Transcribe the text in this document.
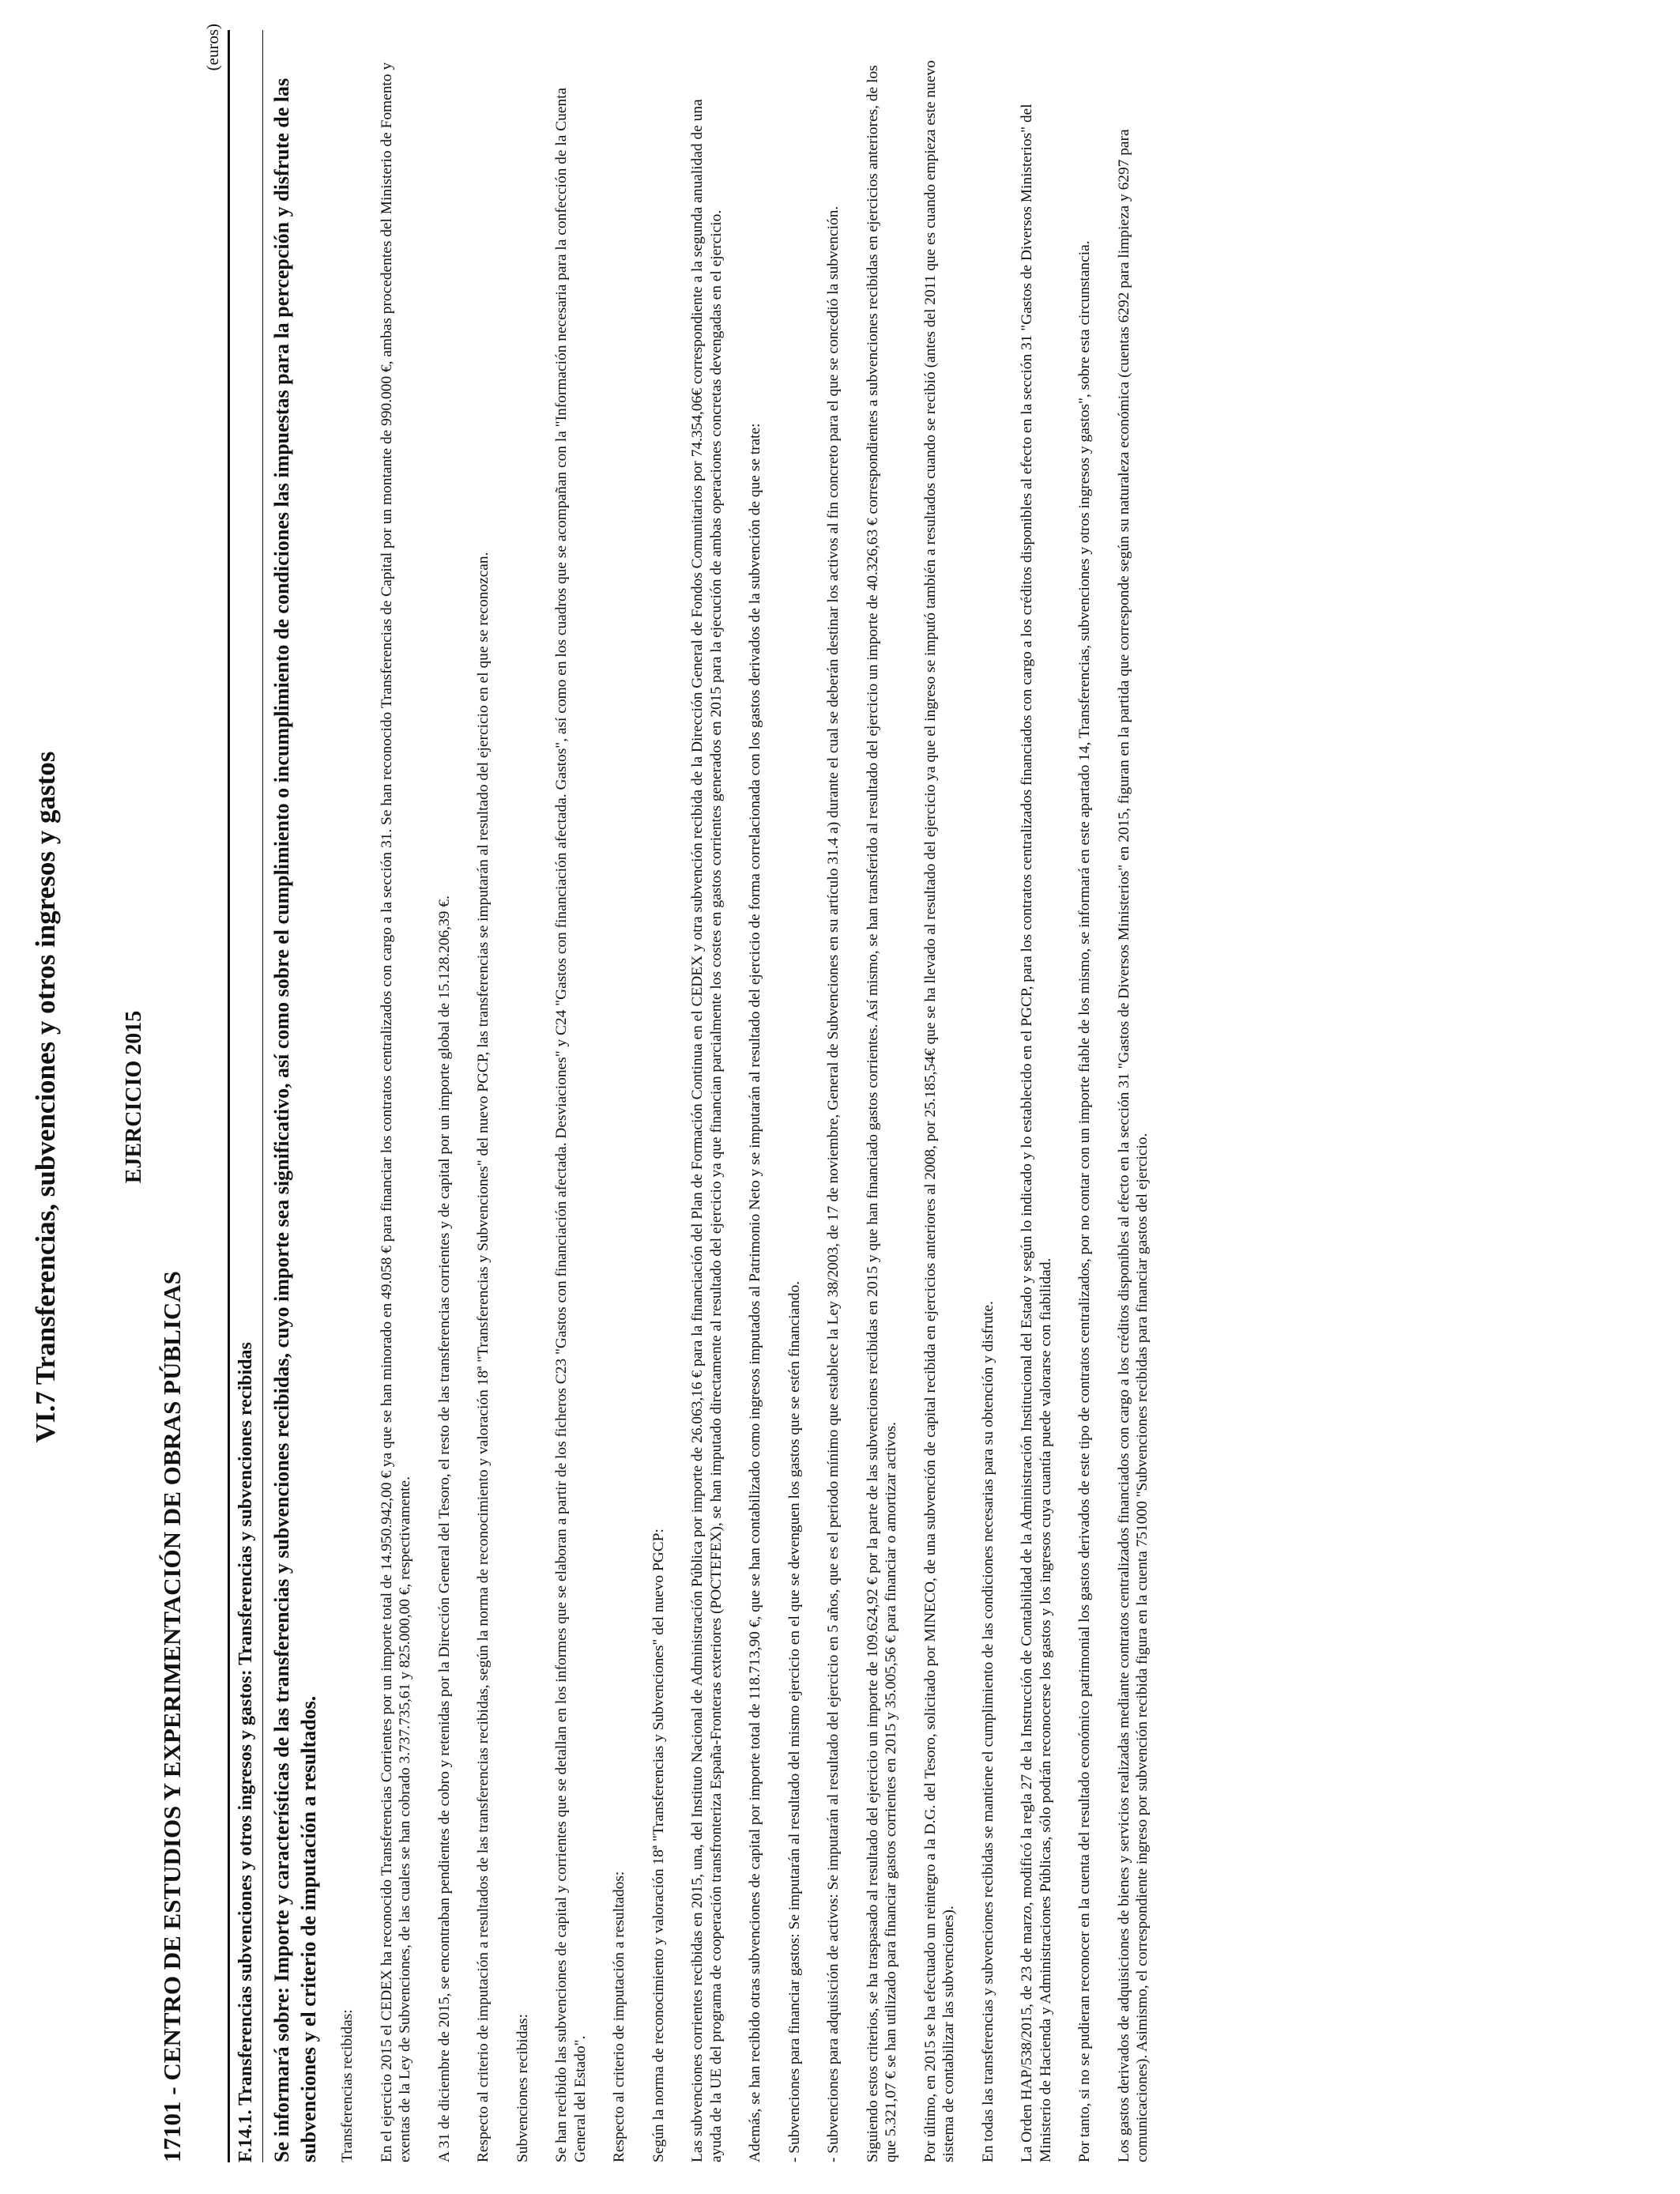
VI.7 Transferencias, subvenciones y otros ingresos y gastos	EJERCICIO 2015
17101 - CENTRO DE ESTUDIOS Y EXPERIMENTACIÓN DE OBRAS PÚBLICAS
(euros)
F.14.1. Transferencias subvenciones y otros ingresos y gastos: Transferencias y subvenciones recibidas Se informará sobre: Importe y características de las transferencias y subvenciones recibidas, cuyo importe sea significativo, así como sobre el cumplimiento o incumplimiento de condiciones las impuestas para la percepción y disfrute de las subvenciones y el criterio de imputación a resultados. Transferencias recibidas: En el ejercicio 2015 el CEDEX ha reconocido Transferencias Corrientes por un importe total de 14.950.942,00 € ya que se han minorado en 49.058 € para financiar los contratos centralizados con cargo a la sección 31. Se han reconocido Transferencias de Capital por un montante de 990.000 €, ambas procedentes del Ministerio de Fomento y exentas de la Ley de Subvenciones, de las cuales se han cobrado 3.737.735,61 y 825.000,00 €, respectivamente. A 31 de diciembre de 2015, se encontraban pendientes de cobro y retenidas por la Dirección General del Tesoro, el resto de las transferencias corrientes y de capital por un importe global de 15.128.206,39 €. Respecto al criterio de imputación a resultados de las transferencias recibidas, según la norma de reconocimiento y valoración 18ª "Transferencias y Subvenciones" del nuevo PGCP, las transferencias se imputarán al resultado del ejercicio en el que se reconozcan. Subvenciones recibidas: Se han recibido las subvenciones de capital y corrientes que se detallan en los informes que se elaboran a partir de los ficheros C23 "Gastos con financiación afectada. Desviaciones" y C24 "Gastos con financiación afectada. Gastos", así como en los cuadros que se acompañan con la "Información necesaria para la confección de la Cuenta General del Estado". Respecto al criterio de imputación a resultados: Según la norma de reconocimiento y valoración 18ª "Transferencias y Subvenciones" del nuevo PGCP: Las subvenciones corrientes recibidas en 2015, una, del Instituto Nacional de Administración Pública por importe de 26.063,16 € para la financiación del Plan de Formación Continua en el CEDEX y otra subvención recibida de la Dirección General de Fondos Comunitarios por 74.354,06€ correspondiente a la segunda anualidad de una ayuda de la UE del programa de cooperación transfronteriza España-Fronteras exteriores (POCTEFEX), se han imputado directamente al resultado del ejercicio ya que financian parcialmente los costes en gastos corrientes generados en 2015 para la ejecución de ambas operaciones concretas devengadas en el ejercicio. Además, se han recibido otras subvenciones de capital por importe total de 118.713,90 €, que se han contabilizado como ingresos imputados al Patrimonio Neto y se imputarán al resultado del ejercicio de forma correlacionada con los gastos derivados de la subvención de que se trate: - Subvenciones para financiar gastos: Se imputarán al resultado del mismo ejercicio en el que se devenguen los gastos que se estén financiando. - Subvenciones para adquisición de activos: Se imputarán al resultado del ejercicio en 5 años, que es el periodo mínimo que establece la Ley 38/2003, de 17 de noviembre, General de Subvenciones en su artículo 31.4 a) durante el cual se deberán destinar los activos al fin concreto para el que se concedió la subvención. Siguiendo estos criterios, se ha traspasado al resultado del ejercicio un importe de 109.624,92 € por la parte de las subvenciones recibidas en 2015 y que han financiado gastos corrientes. Así mismo, se han transferido al resultado del ejercicio un importe de 40.326,63 € correspondientes a subvenciones recibidas en ejercicios anteriores, de los que 5.321,07 € se han utilizado para financiar gastos corrientes en 2015 y 35.005,56 € para financiar o amortizar activos. Por último, en 2015 se ha efectuado un reintegro a la D.G. del Tesoro, solicitado por MINECO, de una subvención de capital recibida en ejercicios anteriores al 2008, por 25.185,54€ que se ha llevado al resultado del ejercicio ya que el ingreso se imputó también a resultados cuando se recibió (antes del 2011 que es cuando empieza este nuevo sistema de contabilizar las subvenciones). En todas las transferencias y subvenciones recibidas se mantiene el cumplimiento de las condiciones necesarias para su obtención y disfrute. La Orden HAP/538/2015, de 23 de marzo, modificó la regla 27 de la Instrucción de Contabilidad de la Administración Institucional del Estado y según lo indicado y lo establecido en el PGCP, para los contratos centralizados financiados con cargo a los créditos disponibles al efecto en la sección 31 "Gastos de Diversos Ministerios" del Ministerio de Hacienda y Administraciones Públicas, sólo podrán reconocerse los gastos y los ingresos cuya cuantía puede valorarse con fiabilidad. Por tanto, si no se pudieran reconocer en la cuenta del resultado económico patrimonial los gastos derivados de este tipo de contratos centralizados, por no contar con un importe fiable de los mismo, se informará en este apartado 14, Transferencias, subvenciones y otros ingresos y gastos", sobre esta circunstancia. Los gastos derivados de adquisiciones de bienes y servicios realizadas mediante contratos centralizados financiados con cargo a los créditos disponibles al efecto en la sección 31 "Gastos de Diversos Ministerios" en 2015, figuran en la partida que corresponde según su naturaleza económica (cuentas 6292 para limpieza y 6297 para comunicaciones). Asimismo, el correspondiente ingreso por subvención recibida figura en la cuenta 751000 "Subvenciones recibidas para financiar gastos del ejercicio.
